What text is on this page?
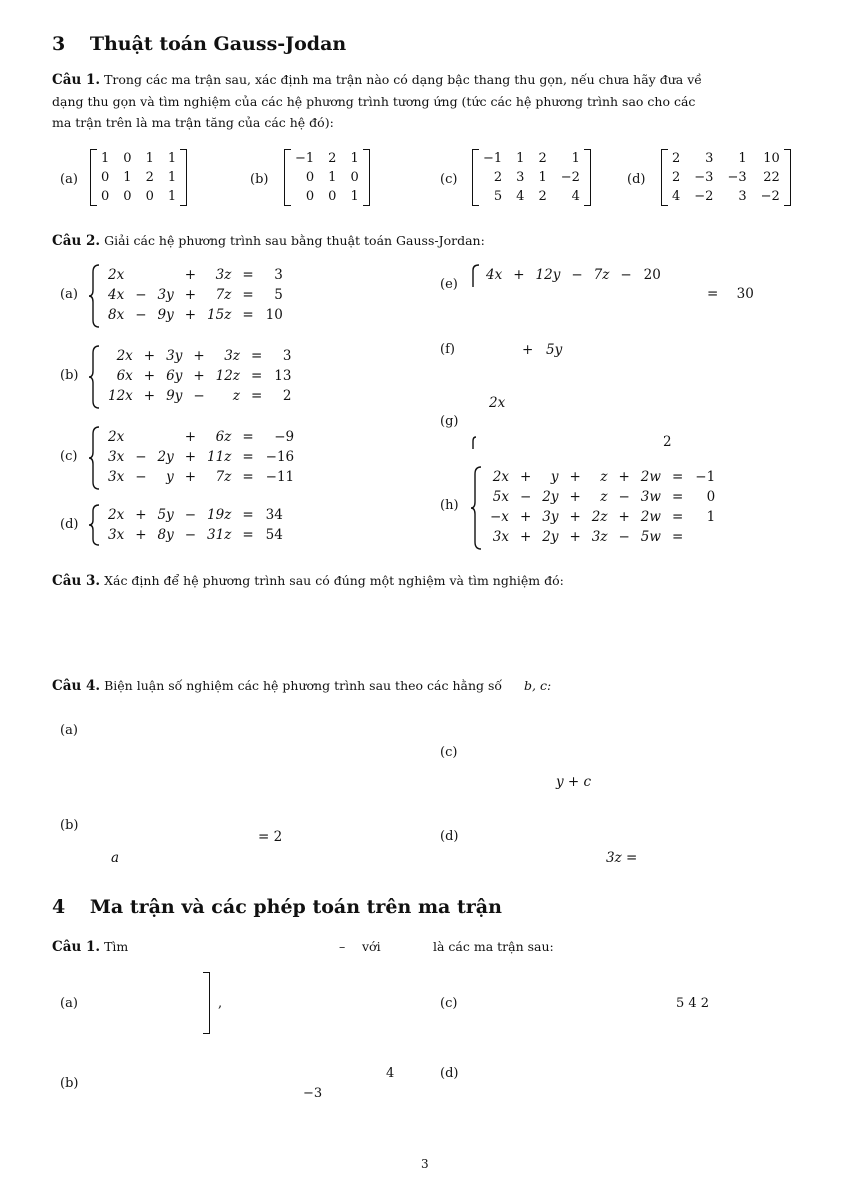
3 Thuật toán Gauss-Jodan
Câu 1. Trong các ma trận sau, xác định ma trận nào có dạng bậc thang thu gọn, nếu chưa hãy đưa về
dạng thu gọn và tìm nghiệm của các hệ phương trình tương ứng (tức các hệ phương trình sao cho các
ma trận trên là ma trận tăng của các hệ đó):
(a)
1	0	1	1
0	1	2	1
0	0	0	1
(b)
−1	2	1
0	1	0
0	0	1
(c)
−1	1	2	1
2	3	1	−2
5	4	2	4
(d)
2	3	1	10
2	−3	−3	22
4	−2	3	−2
Câu 2. Giải các hệ phương trình sau bằng thuật toán Gauss-Jordan:
(a)
2x			+	3z	=	3
4x	−	3y	+	7z	=	5
8x	−	9y	+	15z	=	10
(b)
2x	+	3y	+	3z	=	3
6x	+	6y	+	12z	=	13
12x	+	9y	−	z	=	2
(c)
2x			+	6z	=	−9
3x	−	2y	+	11z	=	−16
3x	−	y	+	7z	=	−11
(d)
2x	+	5y	−	19z	=	34
3x	+	8y	−	31z	=	54
(e)
4x	+	12y	−	7z	−	20
= 30
(f)	+ 5y
2x
(g)
2
(h)
2x	+	y	+	z	+	2w	=	−1
5x	−	2y	+	z	−	3w	=	0
−x	+	3y	+	2z	+	2w	=	1
3x	+	2y	+	3z	−	5w	=	
Câu 3. Xác định để hệ phương trình sau có đúng một nghiệm và tìm nghiệm đó:
Câu 4. Biện luận số nghiệm các hệ phương trình sau theo các hằng số b, c:
(a)
(c)
y + c
(b)
= 2
a
(d)
3z =
4 Ma trận và các phép toán trên ma trận
Câu 1. Tìm	– với	là các ma trận sau:
(a)	,	(c)	5 4 2
(b)
4
−3
(d)
3
